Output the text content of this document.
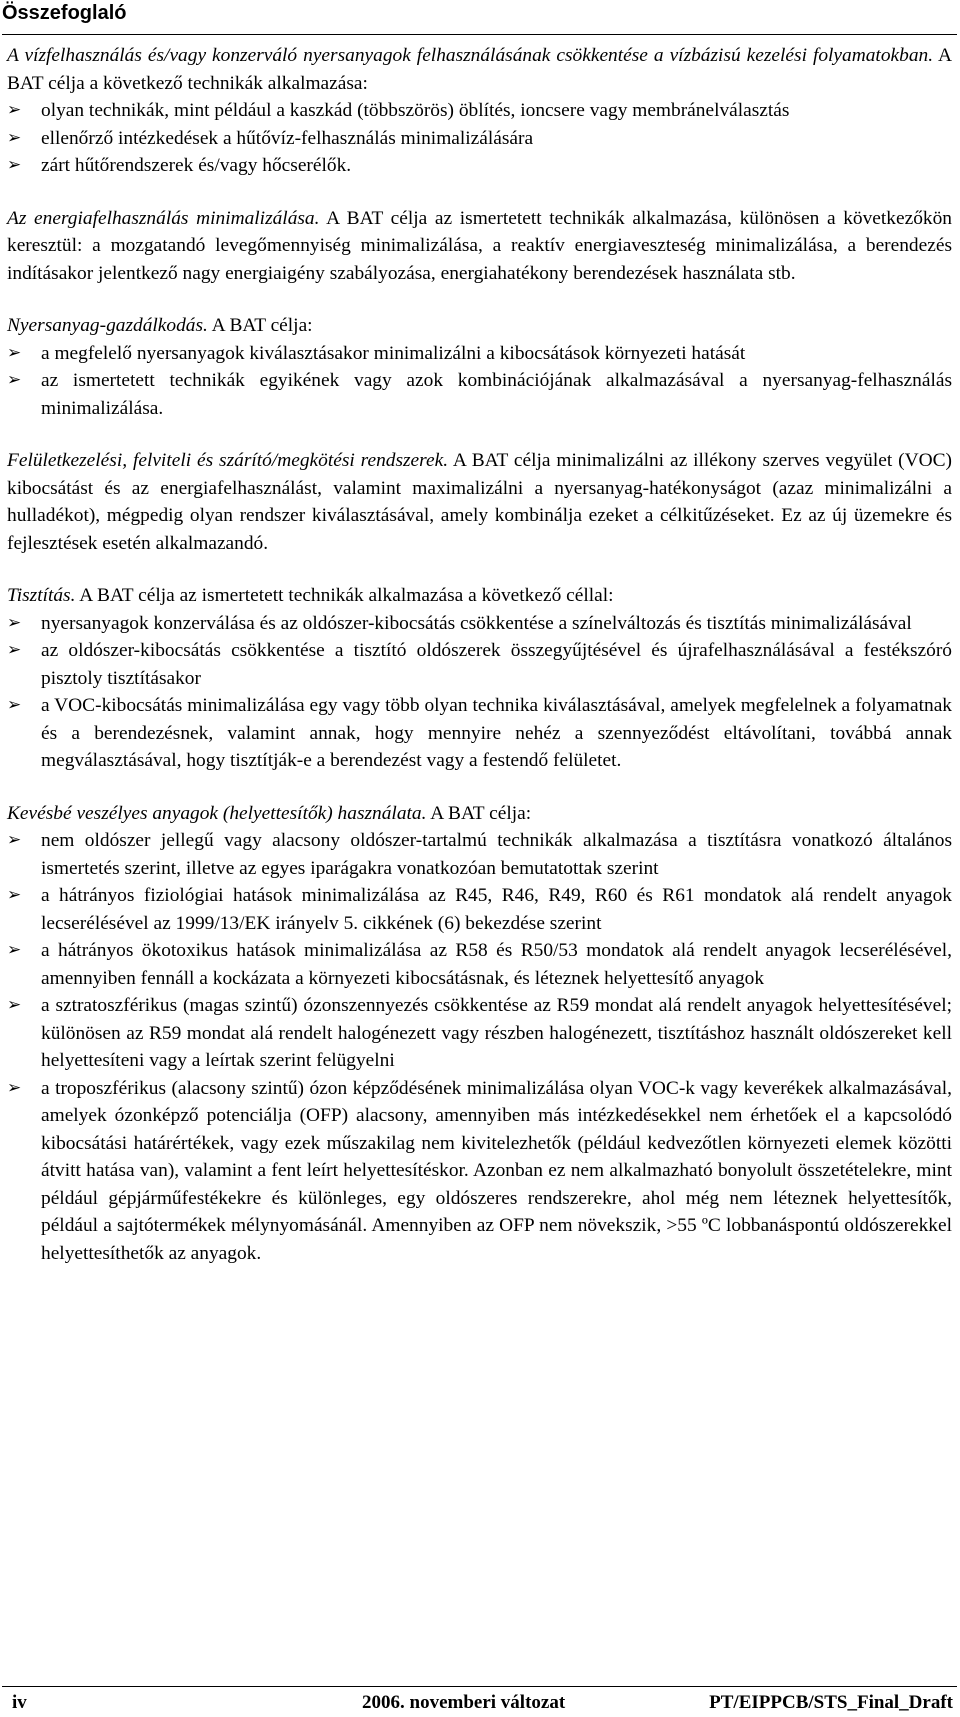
Összefoglaló

A vízfelhasználás és/vagy konzerváló nyersanyagok felhasználásának csökkentése a vízbázisú kezelési folyamatokban. A BAT célja a következő technikák alkalmazása:

➢ olyan technikák, mint például a kaszkád (többszörös) öblítés, ioncsere vagy membránelválasztás
➢ ellenőrző intézkedések a hűtővíz-felhasználás minimalizálására
➢ zárt hűtőrendszerek és/vagy hőcserélők.

Az energiafelhasználás minimalizálása. A BAT célja az ismertetett technikák alkalmazása, különösen a következőkön keresztül: a mozgatandó levegőmennyiség minimalizálása, a reaktív energiaveszteség minimalizálása, a berendezés indításakor jelentkező nagy energiaigény szabályozása, energiahatékony berendezések használata stb.

Nyersanyag-gazdálkodás. A BAT célja:

➢ a megfelelő nyersanyagok kiválasztásakor minimalizálni a kibocsátások környezeti hatását
➢ az ismertetett technikák egyikének vagy azok kombinációjának alkalmazásával a nyersanyag-felhasználás minimalizálása.

Felületkezelési, felviteli és szárító/megkötési rendszerek. A BAT célja minimalizálni az illékony szerves vegyület (VOC) kibocsátást és az energiafelhasználást, valamint maximalizálni a nyersanyag-hatékonyságot (azaz minimalizálni a hulladékot), mégpedig olyan rendszer kiválasztásával, amely kombinálja ezeket a célkitűzéseket. Ez az új üzemekre és fejlesztések esetén alkalmazandó.

Tisztítás. A BAT célja az ismertetett technikák alkalmazása a következő céllal:

➢ nyersanyagok konzerválása és az oldószer-kibocsátás csökkentése a színelváltozás és tisztítás minimalizálásával
➢ az oldószer-kibocsátás csökkentése a tisztító oldószerek összegyűjtésével és újrafelhasználásával a festékszóró pisztoly tisztításakor
➢ a VOC-kibocsátás minimalizálása egy vagy több olyan technika kiválasztásával, amelyek megfelelnek a folyamatnak és a berendezésnek, valamint annak, hogy mennyire nehéz a szennyeződést eltávolítani, továbbá annak megválasztásával, hogy tisztítják-e a berendezést vagy a festendő felületet.

Kevésbé veszélyes anyagok (helyettesítők) használata. A BAT célja:

➢ nem oldószer jellegű vagy alacsony oldószer-tartalmú technikák alkalmazása a tisztításra vonatkozó általános ismertetés szerint, illetve az egyes iparágakra vonatkozóan bemutatottak szerint
➢ a hátrányos fiziológiai hatások minimalizálása az R45, R46, R49, R60 és R61 mondatok alá rendelt anyagok lecserélésével az 1999/13/EK irányelv 5. cikkének (6) bekezdése szerint
➢ a hátrányos ökotoxikus hatások minimalizálása az R58 és R50/53 mondatok alá rendelt anyagok lecserélésével, amennyiben fennáll a kockázata a környezeti kibocsátásnak, és léteznek helyettesítő anyagok
➢ a sztratoszférikus (magas szintű) ózonszennyezés csökkentése az R59 mondat alá rendelt anyagok helyettesítésével; különösen az R59 mondat alá rendelt halogénezett vagy részben halogénezett, tisztításhoz használt oldószereket kell helyettesíteni vagy a leírtak szerint felügyelni
➢ a troposzférikus (alacsony szintű) ózon képződésének minimalizálása olyan VOC-k vagy keverékek alkalmazásával, amelyek ózonképző potenciálja (OFP) alacsony, amennyiben más intézkedésekkel nem érhetőek el a kapcsolódó kibocsátási határértékek, vagy ezek műszakilag nem kivitelezhetők (például kedvezőtlen környezeti elemek közötti átvitt hatása van), valamint a fent leírt helyettesítéskor. Azonban ez nem alkalmazható bonyolult összetételekre, mint például gépjárműfestékekre és különleges, egy oldószeres rendszerekre, ahol még nem léteznek helyettesítők, például a sajtótermékek mélynyomásánál. Amennyiben az OFP nem növekszik, >55 ºC lobbanáspontú oldószerekkel helyettesíthetők az anyagok.
iv	2006. novemberi változat	PT/EIPPCB/STS_Final_Draft
